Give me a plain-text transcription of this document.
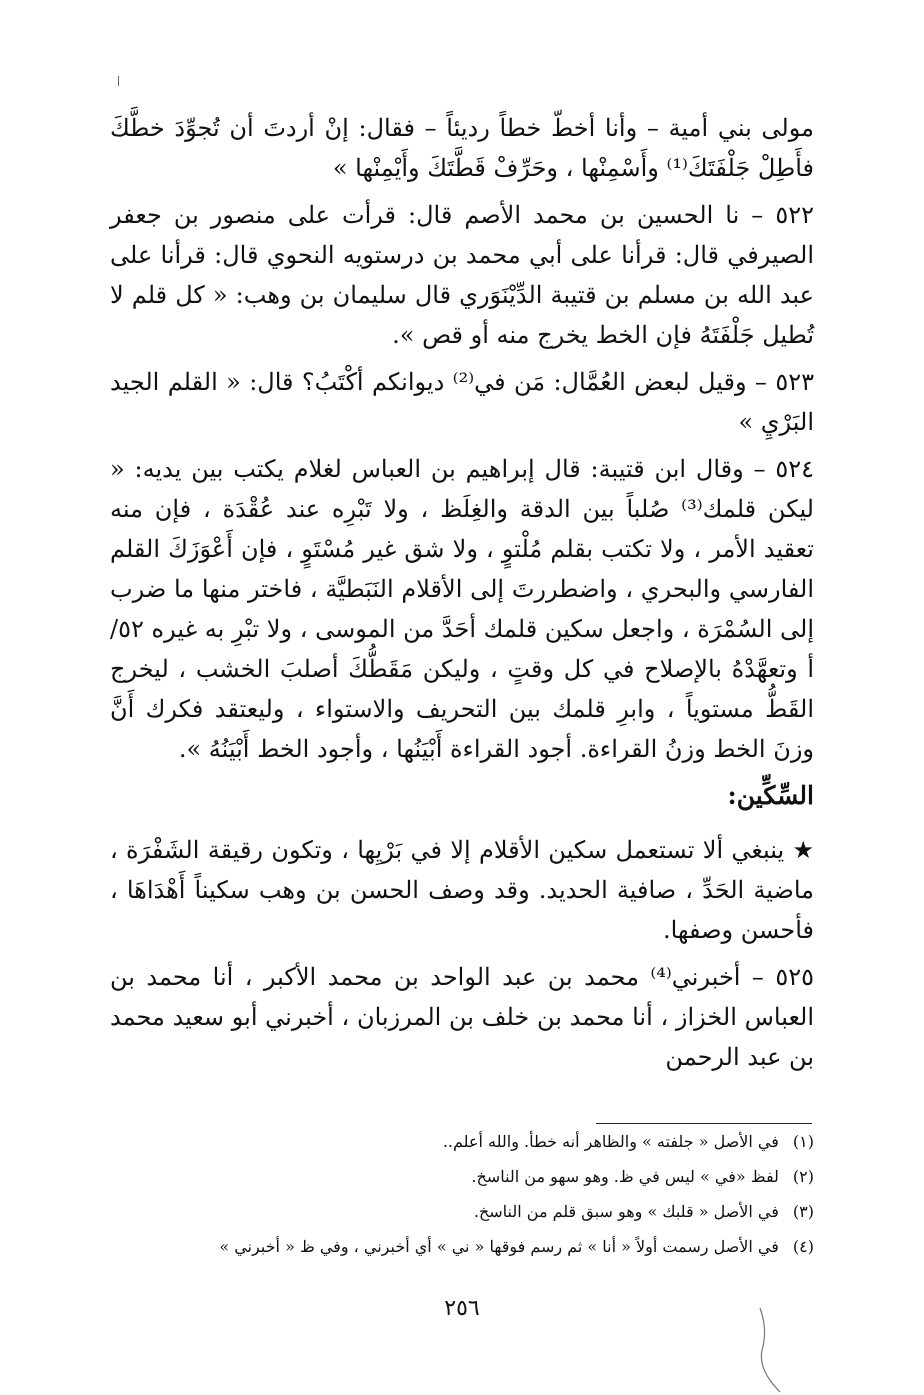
مولى بني أمية – وأنا أخطّ خطاً رديئاً – فقال: إنْ أردتَ أن تُجوِّدَ خطَّكَ فأَطِلْ جَلْفَتَكَ⁽¹⁾ وأَسْمِنْها ، وحَرِّفْ قَطَّتَكَ وأَيْمِنْها »

٥٢٢ – نا الحسين بن محمد الأصم قال: قرأت على منصور بن جعفر الصيرفي قال: قرأنا على أبي محمد بن درستويه النحوي قال: قرأنا على عبد الله بن مسلم بن قتيبة الدِّيْنَوَري قال سليمان بن وهب: « كل قلم لا تُطيل جَلْفَتَهُ فإن الخط يخرج منه أو قص ».

٥٢٣ – وقيل لبعض العُمَّال: مَن في⁽²⁾ ديوانكم أكْتَبُ؟ قال: « القلم الجيد البَرْيِ »

٥٢٤ – وقال ابن قتيبة: قال إبراهيم بن العباس لغلام يكتب بين يديه: « ليكن قلمك⁽³⁾ صُلباً بين الدقة والغِلَظ ، ولا تَبْرِه عند عُقْدَة ، فإن منه تعقيد الأمر ، ولا تكتب بقلم مُلْتوٍ ، ولا شق غير مُسْتَوٍ ، فإن أَعْوَزَكَ القلم الفارسي والبحري ، واضطررتَ إلى الأقلام النَبَطيَّة ، فاختر منها ما ضرب إلى السُمْرَة ، واجعل سكين قلمك أحَدَّ من الموسى ، ولا تبْرِ به غيره ٥٢/أ وتعهَّدْهُ بالإصلاح في كل وقتٍ ، وليكن مَقَطُّكَ أصلبَ الخشب ، ليخرج القَطُّ مستوياً ، وابرِ قلمك بين التحريف والاستواء ، وليعتقد فكرك أَنَّ وزنَ الخط وزنُ القراءة. أجود القراءة أَبْيَنُها ، وأجود الخط أَبْيَنُهُ ».

السِّكِّين:

★ ينبغي ألا تستعمل سكين الأقلام إلا في بَرْيِها ، وتكون رقيقة الشَفْرَة ، ماضية الحَدِّ ، صافية الحديد. وقد وصف الحسن بن وهب سكيناً أَهْدَاهَا ، فأحسن وصفها.

٥٢٥ – أخبرني⁽⁴⁾ محمد بن عبد الواحد بن محمد الأكبر ، أنا محمد بن العباس الخزاز ، أنا محمد بن خلف بن المرزبان ، أخبرني أبو سعيد محمد بن عبد الرحمن

(١) في الأصل « جلفته » والظاهر أنه خطأ. والله أعلم..
(٢) لفظ «في » ليس في ظ. وهو سهو من الناسخ.
(٣) في الأصل « قلبك » وهو سبق قلم من الناسخ.
(٤) في الأصل رسمت أولاً « أنا » ثم رسم فوقها « ني » أي أخبرني ، وفي ظ « أخبرني »
٢٥٦
